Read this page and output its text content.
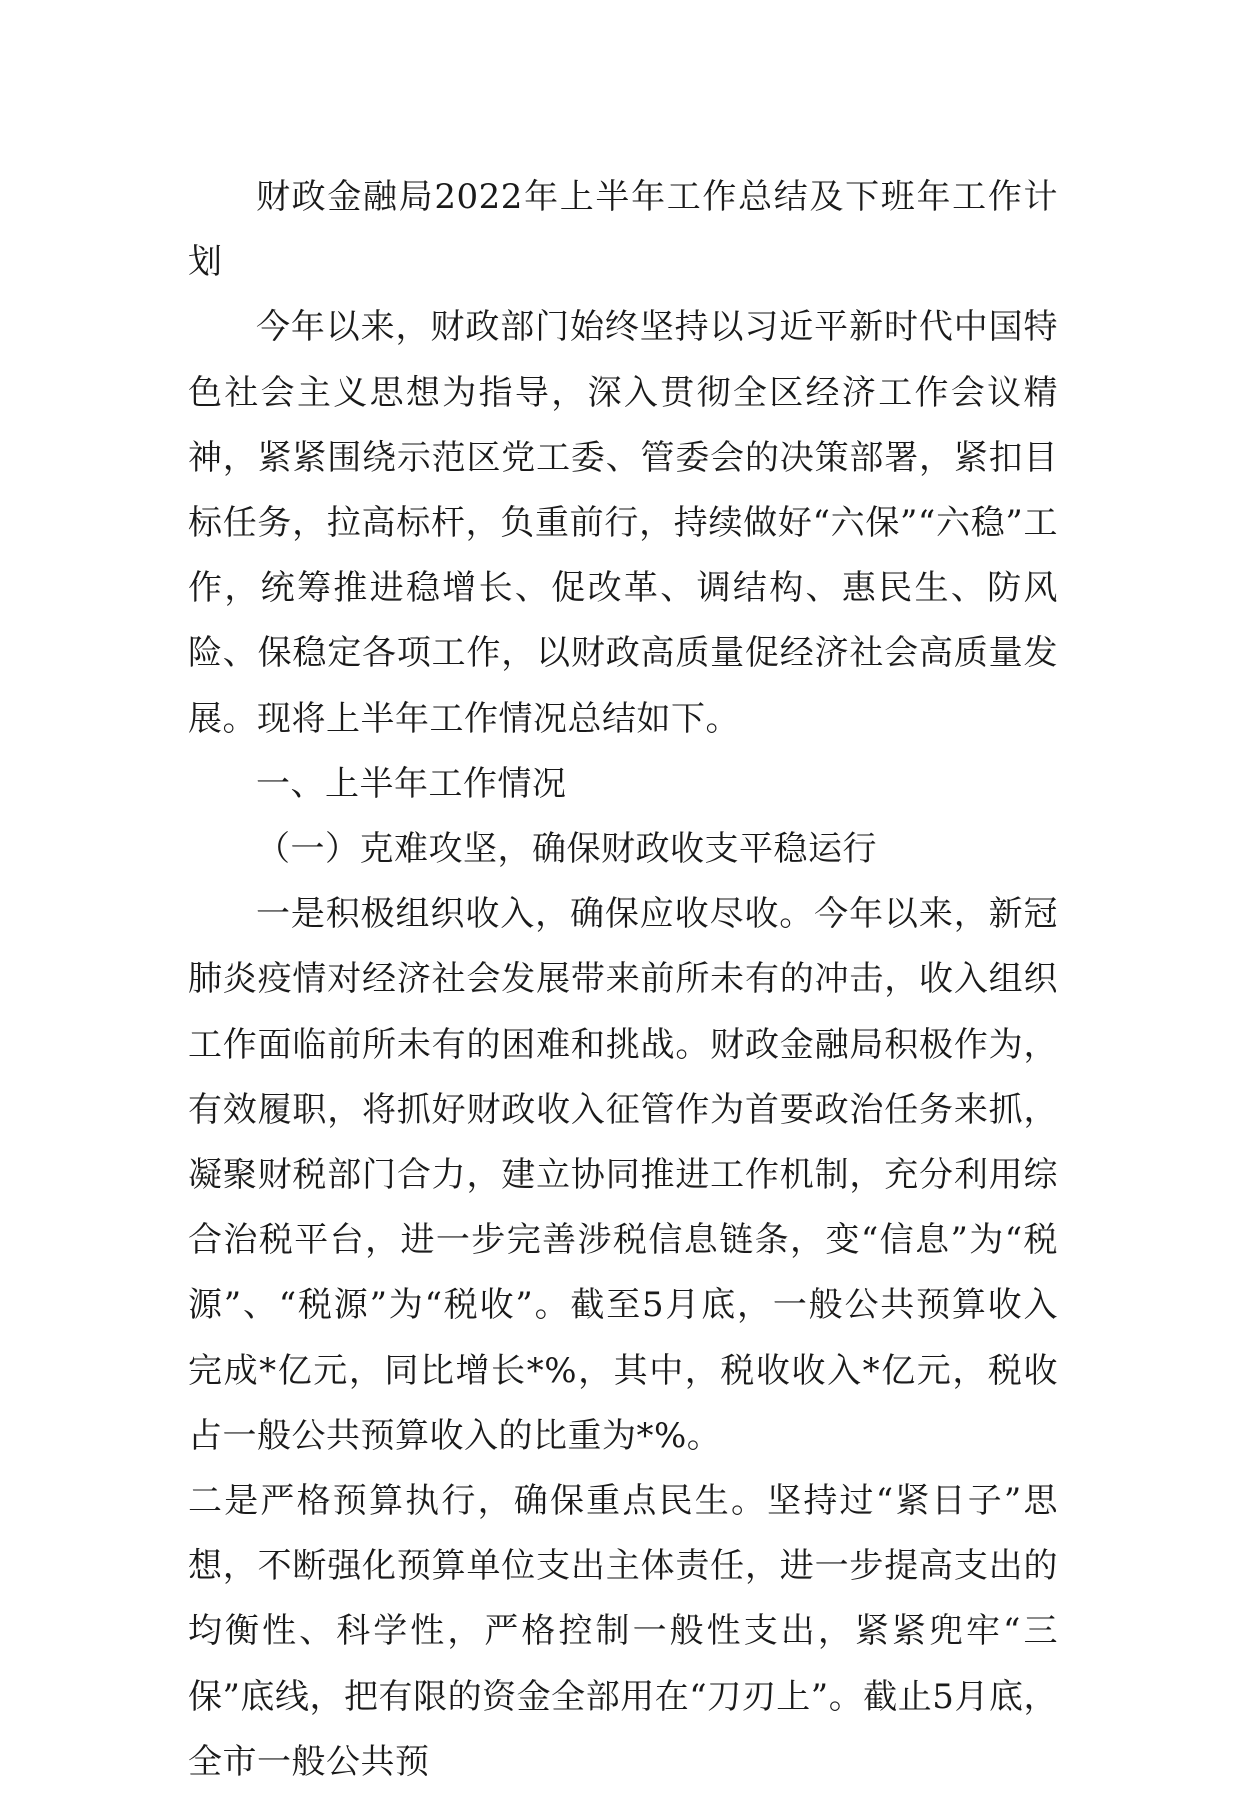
财政金融局2022年上半年工作总结及下班年工作计划

今年以来，财政部门始终坚持以习近平新时代中国特色社会主义思想为指导，深入贯彻全区经济工作会议精神，紧紧围绕示范区党工委、管委会的决策部署，紧扣目标任务，拉高标杆，负重前行，持续做好“六保”“六稳”工作，统筹推进稳增长、促改革、调结构、惠民生、防风险、保稳定各项工作，以财政高质量促经济社会高质量发展。现将上半年工作情况总结如下。

一、上半年工作情况

（一）克难攻坚，确保财政收支平稳运行

一是积极组织收入，确保应收尽收。今年以来，新冠肺炎疫情对经济社会发展带来前所未有的冲击，收入组织工作面临前所未有的困难和挑战。财政金融局积极作为，有效履职，将抓好财政收入征管作为首要政治任务来抓，凝聚财税部门合力，建立协同推进工作机制，充分利用综合治税平台，进一步完善涉税信息链条，变“信息”为“税源”、“税源”为“税收”。截至5月底，一般公共预算收入完成*亿元，同比增长*%，其中，税收收入*亿元，税收占一般公共预算收入的比重为*%。

二是严格预算执行，确保重点民生。坚持过“紧日子”思想，不断强化预算单位支出主体责任，进一步提高支出的均衡性、科学性，严格控制一般性支出，紧紧兜牢“三保”底线，把有限的资金全部用在“刀刃上”。截止5月底，全市一般公共预
